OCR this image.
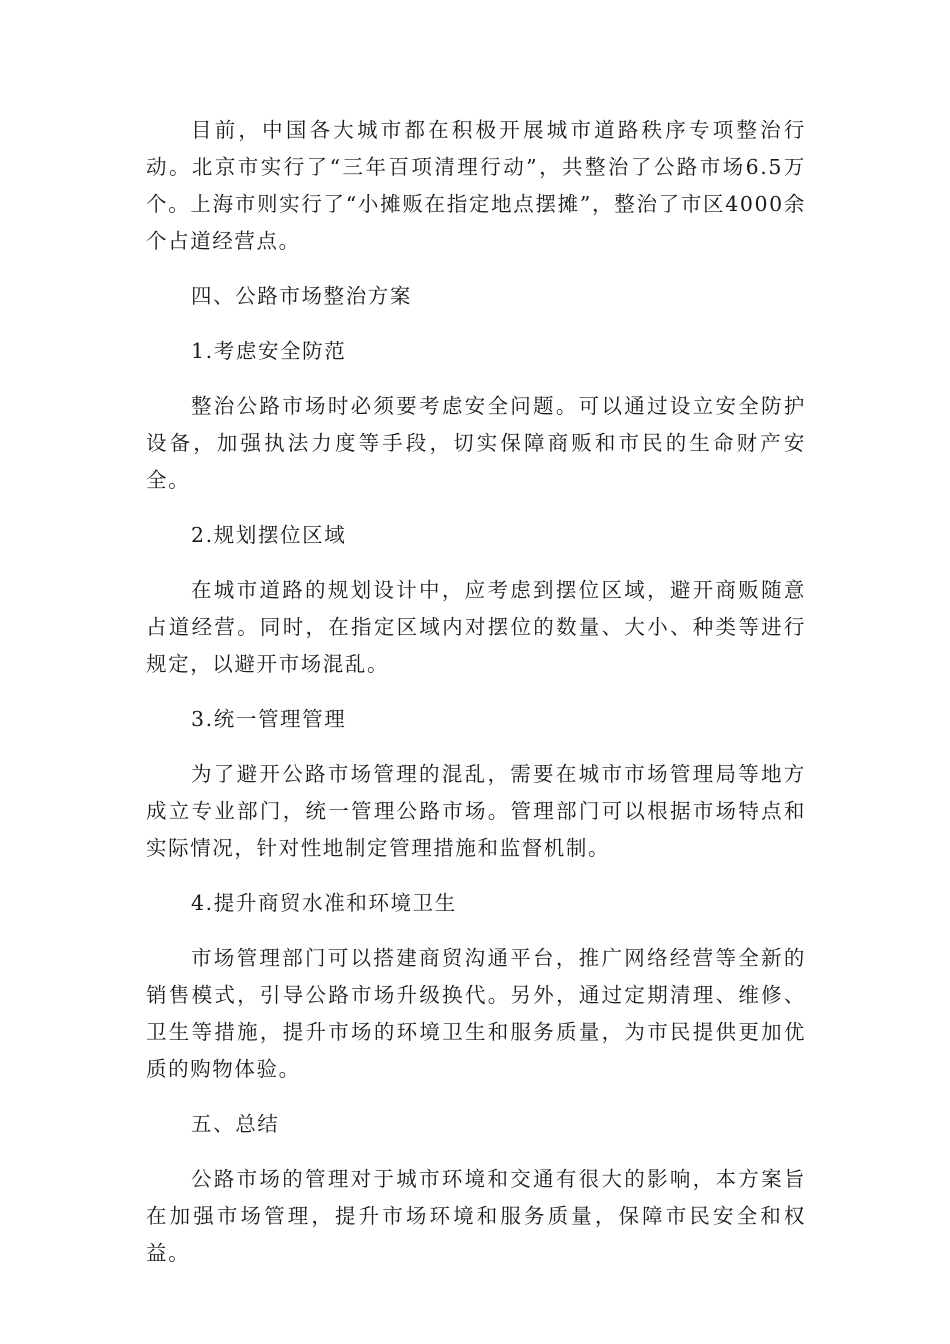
目前，中国各大城市都在积极开展城市道路秩序专项整治行动。北京市实行了“三年百项清理行动”，共整治了公路市场6.5万个。上海市则实行了“小摊贩在指定地点摆摊”，整治了市区4000余个占道经营点。

四、公路市场整治方案

1.考虑安全防范

整治公路市场时必须要考虑安全问题。可以通过设立安全防护设备，加强执法力度等手段，切实保障商贩和市民的生命财产安全。

2.规划摆位区域

在城市道路的规划设计中，应考虑到摆位区域，避开商贩随意占道经营。同时，在指定区域内对摆位的数量、大小、种类等进行规定，以避开市场混乱。

3.统一管理管理

为了避开公路市场管理的混乱，需要在城市市场管理局等地方成立专业部门，统一管理公路市场。管理部门可以根据市场特点和实际情况，针对性地制定管理措施和监督机制。

4.提升商贸水准和环境卫生

市场管理部门可以搭建商贸沟通平台，推广网络经营等全新的销售模式，引导公路市场升级换代。另外，通过定期清理、维修、卫生等措施，提升市场的环境卫生和服务质量，为市民提供更加优质的购物体验。

五、总结

公路市场的管理对于城市环境和交通有很大的影响，本方案旨在加强市场管理，提升市场环境和服务质量，保障市民安全和权益。
